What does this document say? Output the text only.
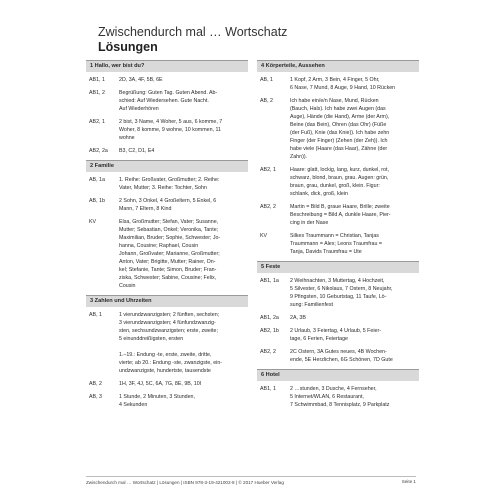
Zwischendurch mal … Wortschatz
Lösungen
1 Hallo, wer bist du?
AB1, 1	2D, 3A, 4F, 5B, 6E
AB1, 2	Begrüßung: Guten Tag. Guten Abend. Ab-
schied: Auf Wiedersehen. Gute Nacht.
Auf Wiederhören
AB2, 1	2 bist, 3 Name, 4 Woher, 5 aus, 6 komme, 7
Woher, 8 komme, 9 wohne, 10 kommen, 11
wohne
AB2, 2a	B3, C2, D1, E4
2 Familie
AB, 1a	1. Reihe: Großvater, Großmutter; 2. Reihe:
Vater, Mutter; 3. Reihe: Tochter, Sohn
AB, 1b	2 Sohn, 3 Onkel, 4 Großeltern, 5 Enkel, 6
Mann, 7 Eltern, 8 Kind
KV	Elsa, Großmutter; Stefan, Vater; Susanne,
Mutter; Sebastian, Onkel; Veronika, Tante;
Maximilian, Bruder; Sophie, Schwester; Jo-
hanna, Cousine; Raphael, Cousin
Johann, Großvater; Marianne, Großmutter;
Anton, Vater; Brigitte, Mutter; Rainer, On-
kel; Stefanie, Tante; Simon, Bruder; Fran-
ziska, Schwester; Sabine, Cousine; Felix,
Cousin
3 Zahlen und Uhrzeiten
AB, 1	1 vierundzwanzigsten; 2 fünften, sechsten;
3 vierundzwanzigsten; 4 fünfundzwanzig-
sten, sechsundzwanzigsten; erste, zweite;
5 einunddreißigsten, ersten
1.–19.: Endung -te, erste, zweite, dritte,
vierte; ab 20.: Endung -ste, zwanzigste, ein-
undzwanzigste, hundertste, tausendste
AB, 2	1H, 3F, 4J, 5C, 6A, 7G, 8E, 9B, 10I
AB, 3	1 Stunde, 2 Minuten, 3 Stunden,
4 Sekunden
4 Körperteile, Aussehen
AB, 1	1 Kopf, 2 Arm, 3 Bein, 4 Finger, 5 Ohr,
6 Nase, 7 Mund, 8 Auge, 9 Hand, 10 Rücken
AB, 2	Ich habe ein/e/n Nase, Mund, Rücken
(Bauch, Hals). Ich habe zwei Augen (das
Auge), Hände (die Hand), Arme (der Arm),
Beine (das Bein), Ohren (das Ohr) (Füße
(der Fuß), Knie (das Knie)). Ich habe zehn
Finger (der Finger) (Zehen (der Zeh)). Ich
habe viele (Haare (das Haar), Zähne (der
Zahn)).
AB2, 1	Haare: glatt, lockig, lang, kurz, dunkel, rot,
schwarz, blond, braun, grau. Augen: grün,
braun, grau, dunkel, groß, klein. Figur:
schlank, dick, groß, klein
AB2, 2	Martin = Bild B, graue Haare, Brille; zweite
Beschreibung = Bild A, dunkle Haare, Pier-
cing in der Nase
KV	Silkes Traummann = Christian, Tanjas
Traummann = Alex; Leons Traumfrau =
Tanja, Davids Traumfrau = Ute
5 Feste
AB1, 1a	2 Weihnachten, 3 Muttertag, 4 Hochzeit,
5 Silvester, 6 Nikolaus, 7 Ostern, 8 Neujahr,
9 Pfingsten, 10 Geburtstag, 11 Taufe, Lö-
sung: Familienfest
AB1, 2a	2A, 3B
AB2, 1b	2 Urlaub, 3 Feiertag, 4 Urlaub, 5 Feier-
tage, 6 Ferien, Feiertage
AB2, 2	2C Ostern, 3A Gutes neues, 4B Wochen-
ende, 5E Herzlichen, 6G Schönen, 7D Gute
6 Hotel
AB1, 1	2 …stunden, 3 Dusche, 4 Fernseher,
5 Internet/WLAN, 6 Restaurant,
7 Schwimmbad, 8 Tennisplatz, 9 Parkplatz
Zwischendurch mal … Wortschatz | Lösungen | ISBN 978-3-19-421002-8 | © 2017 Hueber Verlag	Seite 1
